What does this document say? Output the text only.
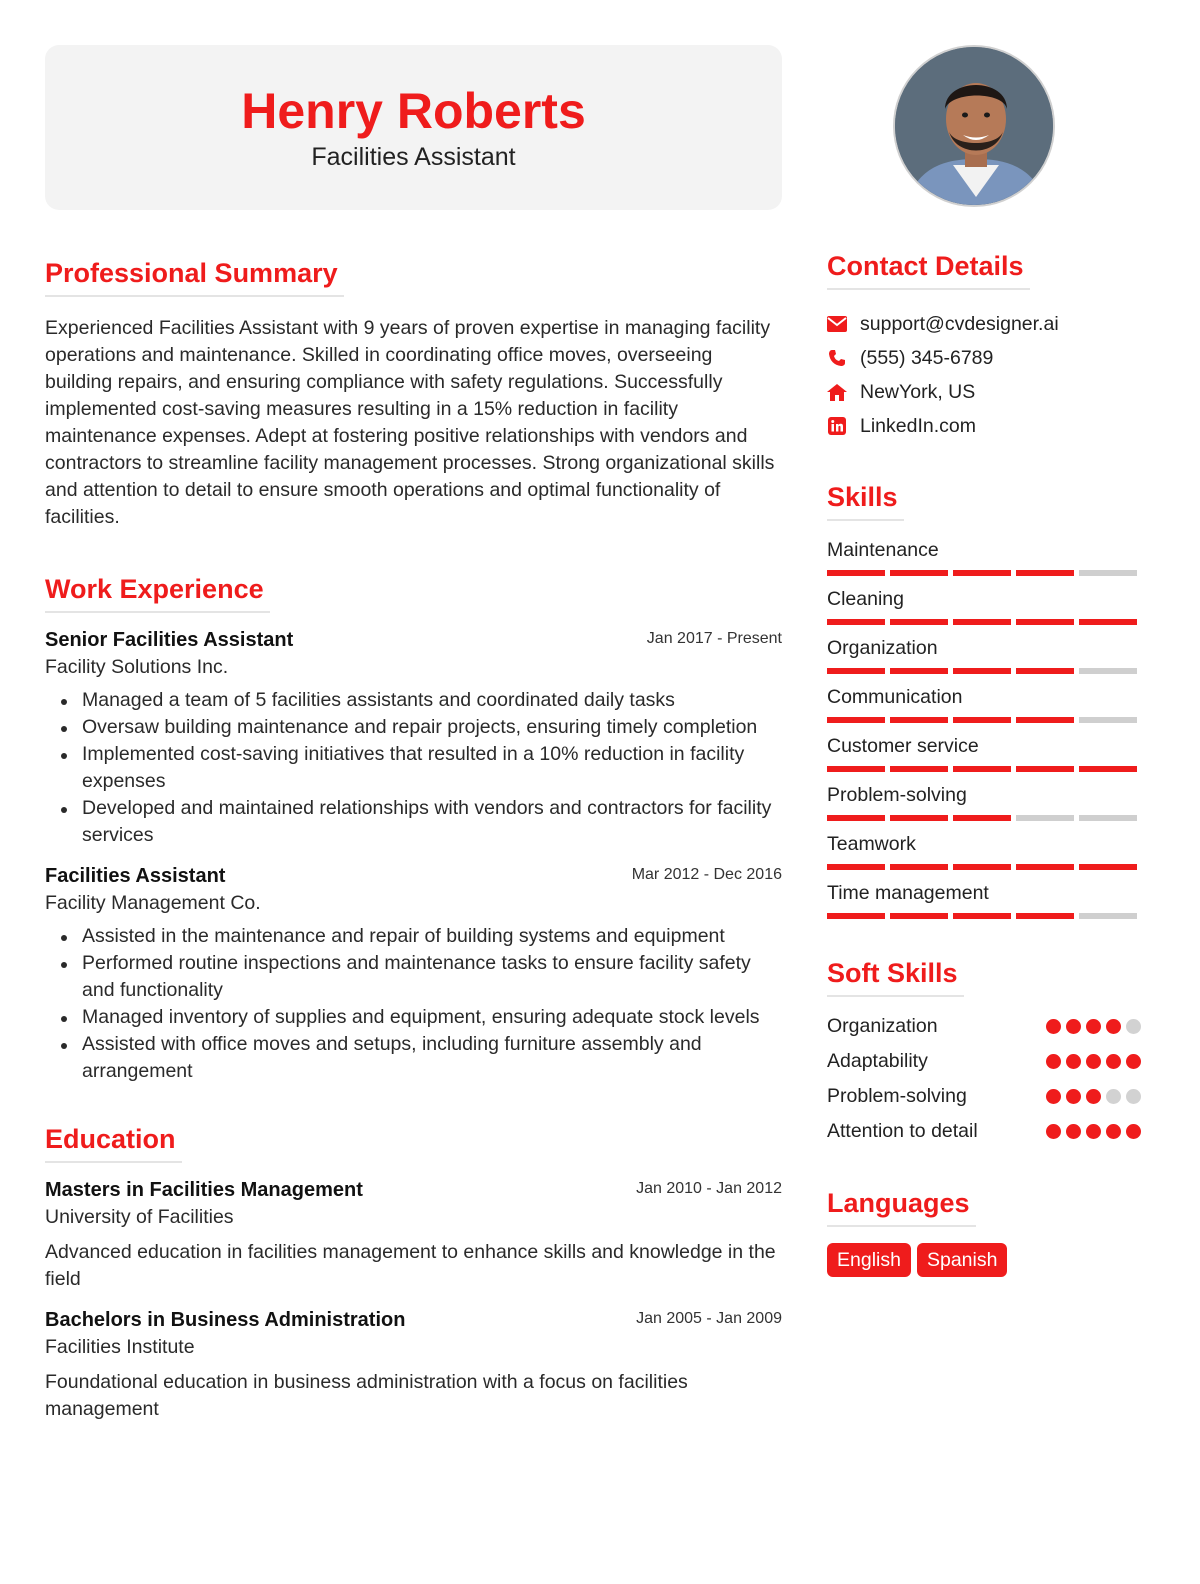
Henry Roberts
Facilities Assistant
Professional Summary
Experienced Facilities Assistant with 9 years of proven expertise in managing facility operations and maintenance. Skilled in coordinating office moves, overseeing building repairs, and ensuring compliance with safety regulations. Successfully implemented cost-saving measures resulting in a 15% reduction in facility maintenance expenses. Adept at fostering positive relationships with vendors and contractors to streamline facility management processes. Strong organizational skills and attention to detail to ensure smooth operations and optimal functionality of facilities.
Work Experience
Senior Facilities Assistant	Jan 2017 - Present
Facility Solutions Inc.
Managed a team of 5 facilities assistants and coordinated daily tasks
Oversaw building maintenance and repair projects, ensuring timely completion
Implemented cost-saving initiatives that resulted in a 10% reduction in facility expenses
Developed and maintained relationships with vendors and contractors for facility services
Facilities Assistant	Mar 2012 - Dec 2016
Facility Management Co.
Assisted in the maintenance and repair of building systems and equipment
Performed routine inspections and maintenance tasks to ensure facility safety and functionality
Managed inventory of supplies and equipment, ensuring adequate stock levels
Assisted with office moves and setups, including furniture assembly and arrangement
Education
Masters in Facilities Management	Jan 2010 - Jan 2012
University of Facilities
Advanced education in facilities management to enhance skills and knowledge in the field
Bachelors in Business Administration	Jan 2005 - Jan 2009
Facilities Institute
Foundational education in business administration with a focus on facilities management
Contact Details
support@cvdesigner.ai
(555) 345-6789
NewYork, US
LinkedIn.com
Skills
Maintenance
Cleaning
Organization
Communication
Customer service
Problem-solving
Teamwork
Time management
Soft Skills
Organization
Adaptability
Problem-solving
Attention to detail
Languages
English	Spanish
